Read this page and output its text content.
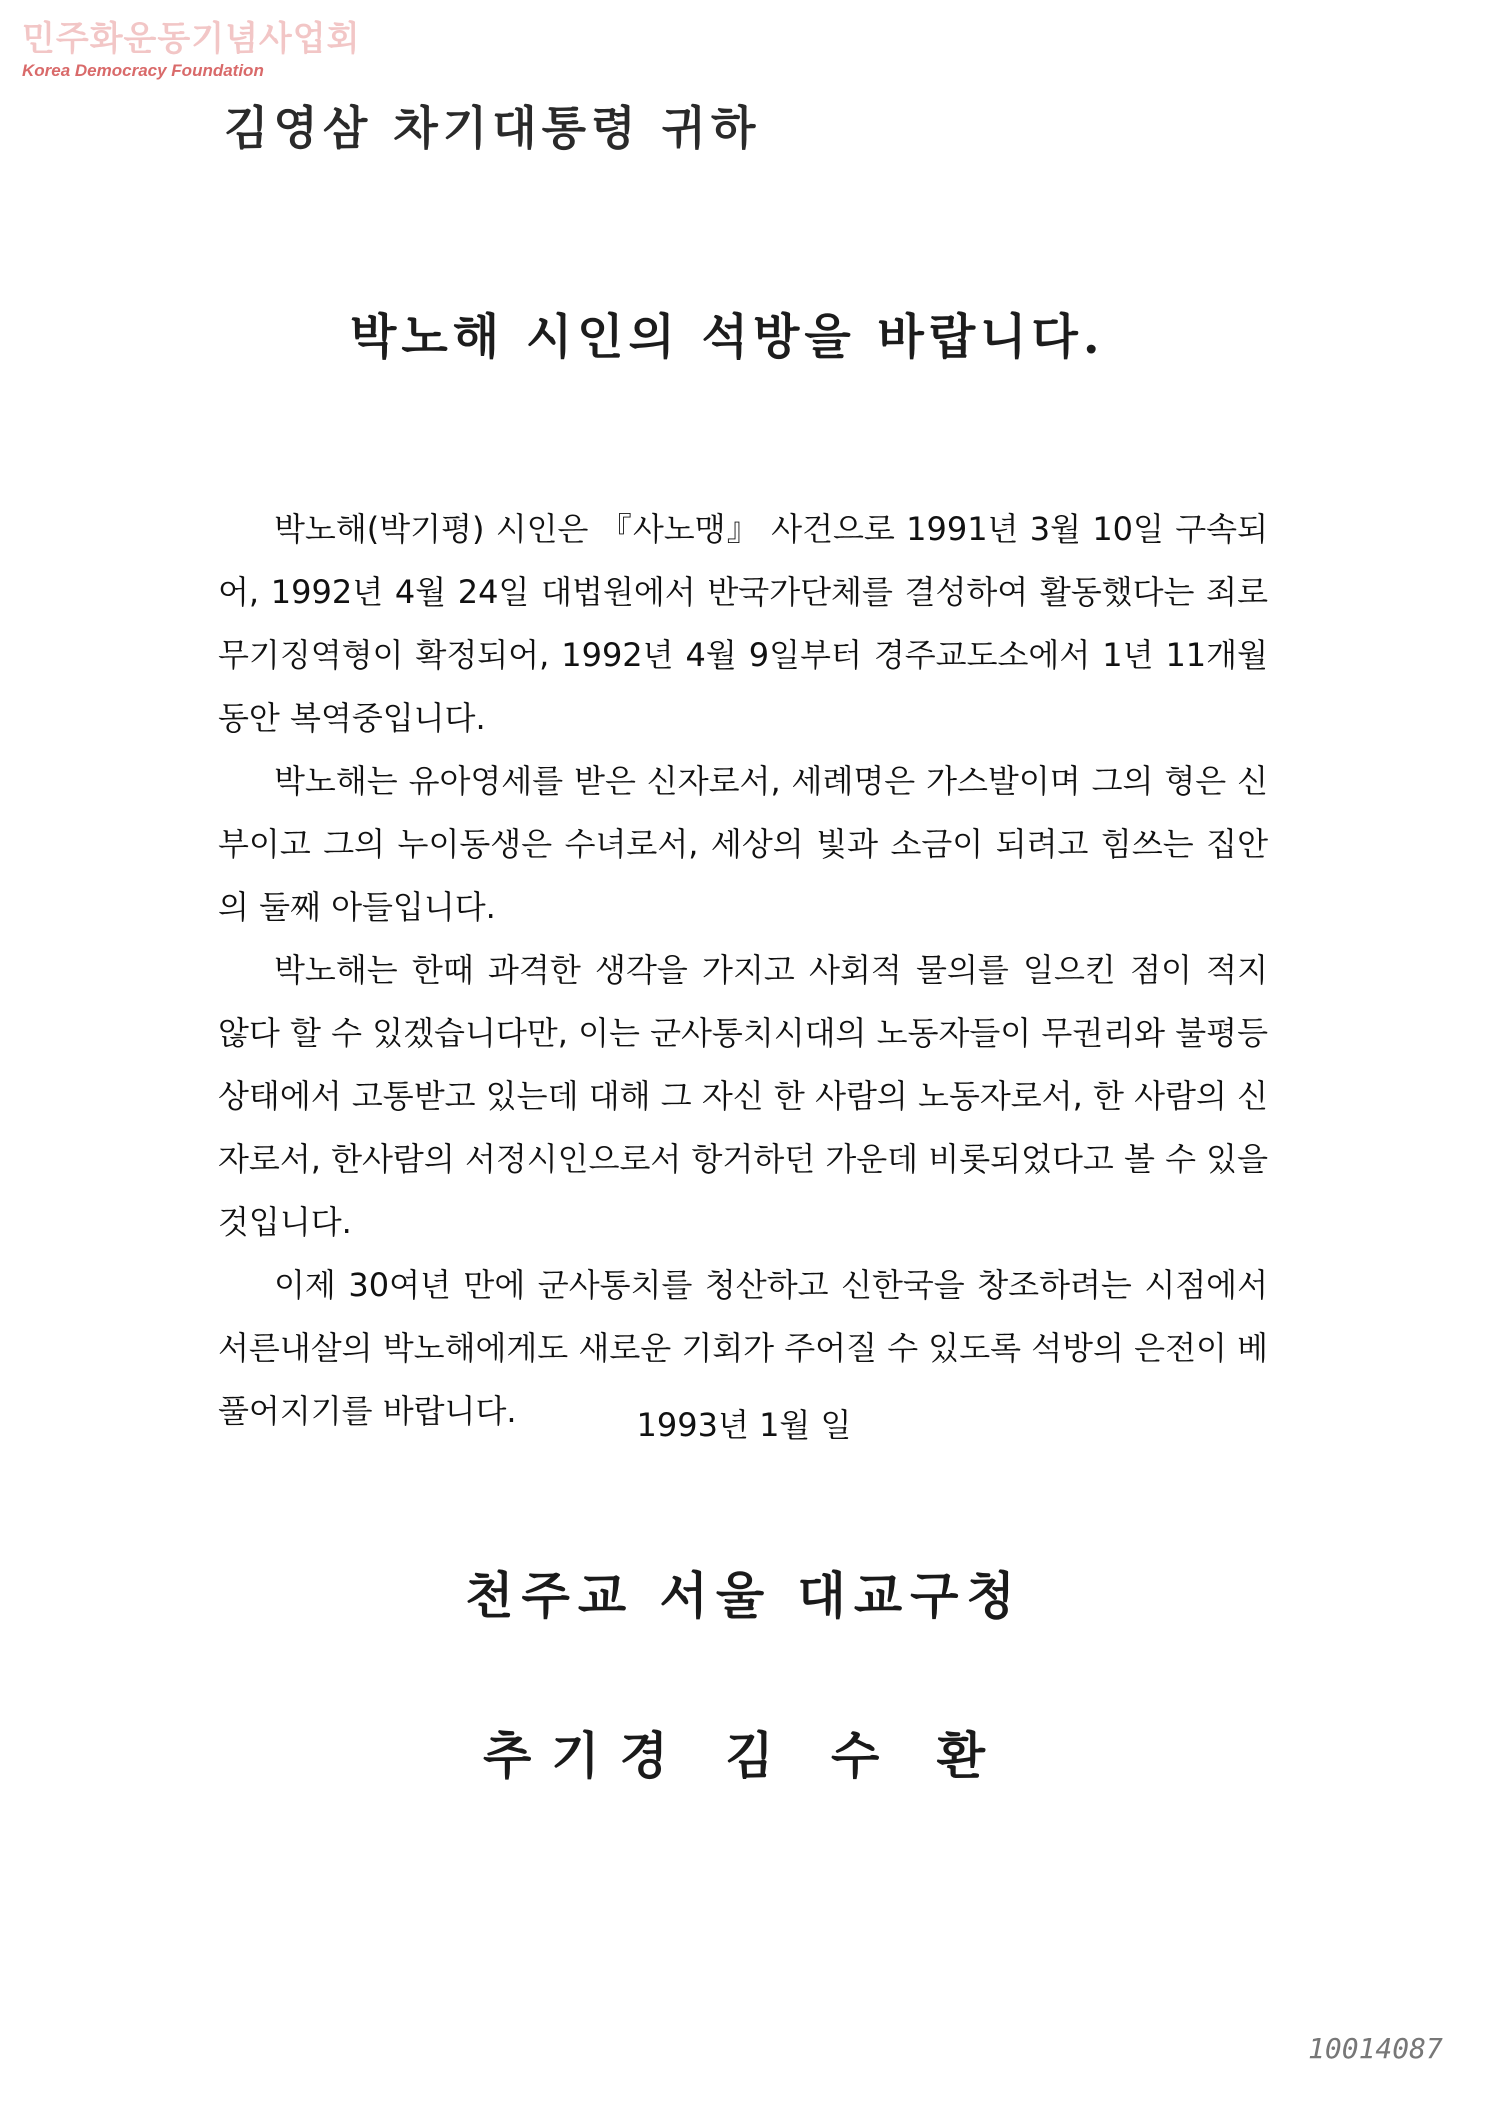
민주화운동기념사업회
Korea Democracy Foundation
김영삼 차기대통령 귀하
박노해 시인의 석방을 바랍니다.

박노해(박기평) 시인은 『사노맹』 사건으로 1991년 3월 10일 구속되어, 1992년 4월 24일 대법원에서 반국가단체를 결성하여 활동했다는 죄로 무기징역형이 확정되어, 1992년 4월 9일부터 경주교도소에서 1년 11개월동안 복역중입니다.

박노해는 유아영세를 받은 신자로서, 세례명은 가스발이며 그의 형은 신부이고 그의 누이동생은 수녀로서, 세상의 빛과 소금이 되려고 힘쓰는 집안의 둘째 아들입니다.

박노해는 한때 과격한 생각을 가지고 사회적 물의를 일으킨 점이 적지 않다 할 수 있겠습니다만, 이는 군사통치시대의 노동자들이 무권리와 불평등 상태에서 고통받고 있는데 대해 그 자신 한 사람의 노동자로서, 한 사람의 신자로서, 한사람의 서정시인으로서 항거하던 가운데 비롯되었다고 볼 수 있을 것입니다.

이제 30여년 만에 군사통치를 청산하고 신한국을 창조하려는 시점에서 서른내살의 박노해에게도 새로운 기회가 주어질 수 있도록 석방의 은전이 베풀어지기를 바랍니다.	1993년 1월 일
천주교 서울 대교구청
추기경 김 수 환
10014087
